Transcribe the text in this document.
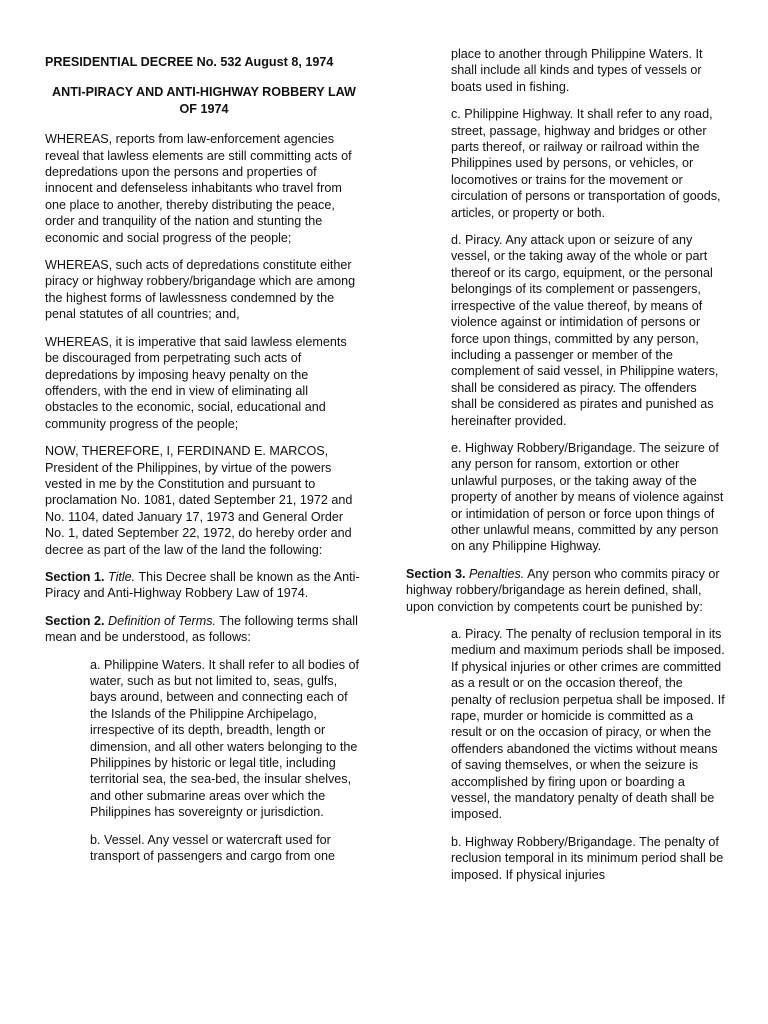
PRESIDENTIAL DECREE No. 532 August 8, 1974

ANTI-PIRACY AND ANTI-HIGHWAY ROBBERY LAW OF 1974

WHEREAS, reports from law-enforcement agencies reveal that lawless elements are still committing acts of depredations upon the persons and properties of innocent and defenseless inhabitants who travel from one place to another, thereby distributing the peace, order and tranquility of the nation and stunting the economic and social progress of the people;

WHEREAS, such acts of depredations constitute either piracy or highway robbery/brigandage which are among the highest forms of lawlessness condemned by the penal statutes of all countries; and,

WHEREAS, it is imperative that said lawless elements be discouraged from perpetrating such acts of depredations by imposing heavy penalty on the offenders, with the end in view of eliminating all obstacles to the economic, social, educational and community progress of the people;

NOW, THEREFORE, I, FERDINAND E. MARCOS, President of the Philippines, by virtue of the powers vested in me by the Constitution and pursuant to proclamation No. 1081, dated September 21, 1972 and No. 1104, dated January 17, 1973 and General Order No. 1, dated September 22, 1972, do hereby order and decree as part of the law of the land the following:

Section 1. Title. This Decree shall be known as the Anti-Piracy and Anti-Highway Robbery Law of 1974.

Section 2. Definition of Terms. The following terms shall mean and be understood, as follows:

a. Philippine Waters. It shall refer to all bodies of water, such as but not limited to, seas, gulfs, bays around, between and connecting each of the Islands of the Philippine Archipelago, irrespective of its depth, breadth, length or dimension, and all other waters belonging to the Philippines by historic or legal title, including territorial sea, the sea-bed, the insular shelves, and other submarine areas over which the Philippines has sovereignty or jurisdiction.

b. Vessel. Any vessel or watercraft used for transport of passengers and cargo from one

place to another through Philippine Waters. It shall include all kinds and types of vessels or boats used in fishing.

c. Philippine Highway. It shall refer to any road, street, passage, highway and bridges or other parts thereof, or railway or railroad within the Philippines used by persons, or vehicles, or locomotives or trains for the movement or circulation of persons or transportation of goods, articles, or property or both.

d. Piracy. Any attack upon or seizure of any vessel, or the taking away of the whole or part thereof or its cargo, equipment, or the personal belongings of its complement or passengers, irrespective of the value thereof, by means of violence against or intimidation of persons or force upon things, committed by any person, including a passenger or member of the complement of said vessel, in Philippine waters, shall be considered as piracy. The offenders shall be considered as pirates and punished as hereinafter provided.

e. Highway Robbery/Brigandage. The seizure of any person for ransom, extortion or other unlawful purposes, or the taking away of the property of another by means of violence against or intimidation of person or force upon things of other unlawful means, committed by any person on any Philippine Highway.

Section 3. Penalties. Any person who commits piracy or highway robbery/brigandage as herein defined, shall, upon conviction by competents court be punished by:

a. Piracy. The penalty of reclusion temporal in its medium and maximum periods shall be imposed. If physical injuries or other crimes are committed as a result or on the occasion thereof, the penalty of reclusion perpetua shall be imposed. If rape, murder or homicide is committed as a result or on the occasion of piracy, or when the offenders abandoned the victims without means of saving themselves, or when the seizure is accomplished by firing upon or boarding a vessel, the mandatory penalty of death shall be imposed.

b. Highway Robbery/Brigandage. The penalty of reclusion temporal in its minimum period shall be imposed. If physical injuries
